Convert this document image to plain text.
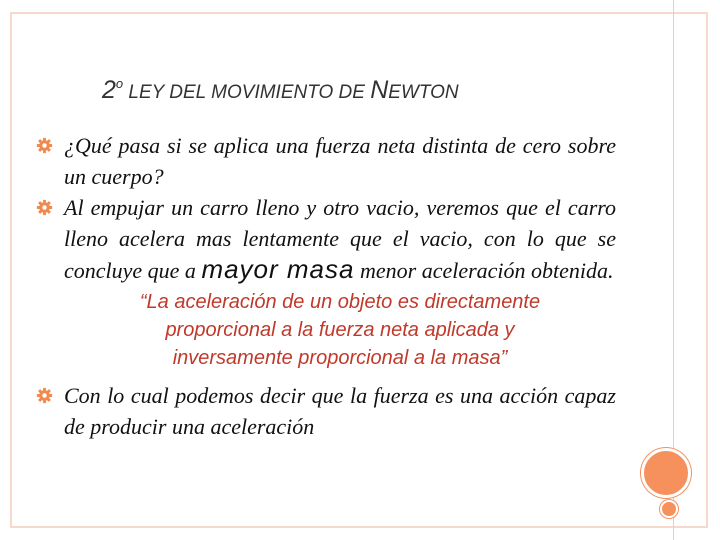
2$^o$ LEY DEL MOVIMIENTO DE NEWTON
¿Qué pasa si se aplica una fuerza neta distinta de cero sobre un cuerpo?
Al empujar un carro lleno y otro vacio, veremos que el carro lleno acelera mas lentamente que el vacio, con lo que se concluye que a mayor masa menor aceleración obtenida.
“La aceleración de un objeto es directamente
proporcional a la fuerza neta aplicada y
inversamente proporcional a la masa”
Con lo cual podemos decir que la fuerza es una acción capaz de producir una aceleración
